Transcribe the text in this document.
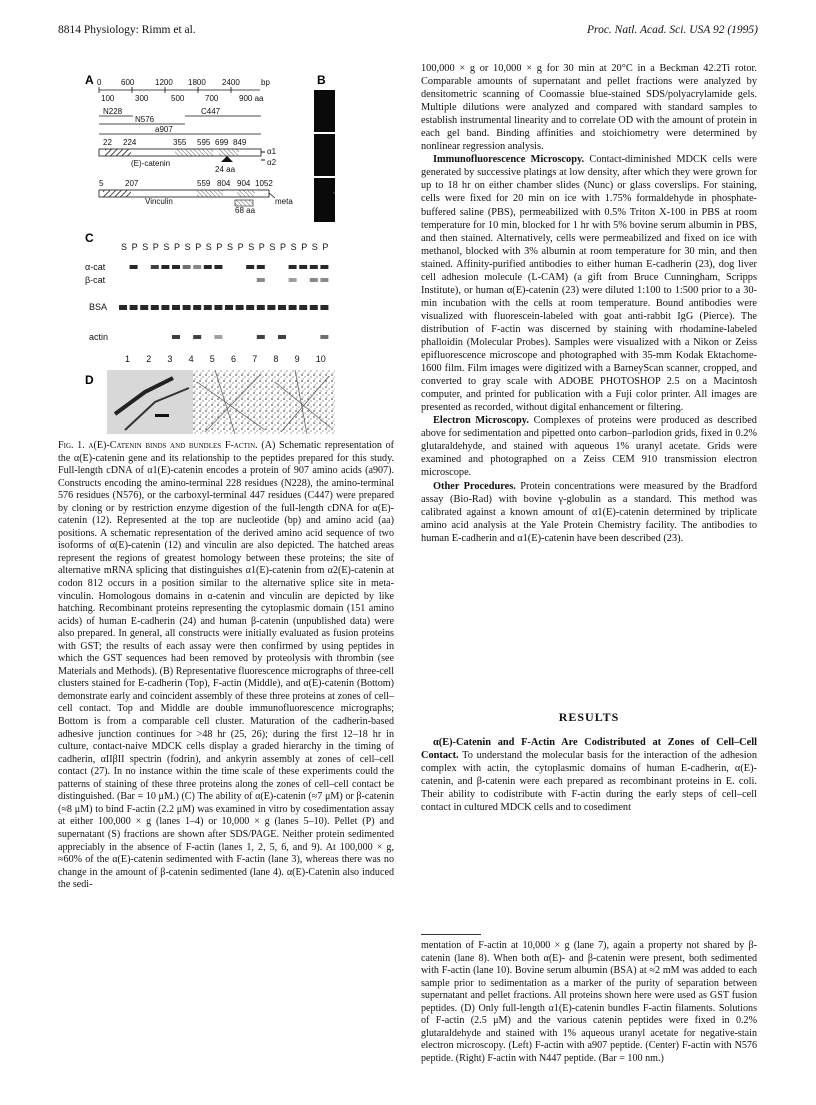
8814 Physiology: Rimm et al.	Proc. Natl. Acad. Sci. USA 92 (1995)
A 0 600	1200 1800 2400	bp
100	300	500	700	900 aa
N228	C447
N576
a907
22 224	355 595 699 849
(E)-catenin
24 aa
α1
α2
5	207	559 804 904 1052
Vinculin
68 aa
meta
B
C
S P S P S P S P S P S P S P S P S P S P
α-cat
β-cat
BSA
actin
1 2 3 4 5 6 7 8 9 10
D
Fig. 1. α(E)-Catenin binds and bundles F-actin. (A) Schematic representation of the α(E)-catenin gene and its relationship to the peptides prepared for this study. Full-length cDNA of α1(E)-catenin encodes a protein of 907 amino acids (a907). Constructs encoding the amino-terminal 228 residues (N228), the amino-terminal 576 residues (N576), or the carboxyl-terminal 447 residues (C447) were prepared by cloning or by restriction enzyme digestion of the full-length cDNA for α(E)-catenin (12). Represented at the top are nucleotide (bp) and amino acid (aa) positions. A schematic representation of the derived amino acid sequence of two isoforms of α(E)-catenin (12) and vinculin are also depicted. The hatched areas represent the regions of greatest homology between these proteins; the site of alternative mRNA splicing that distinguishes α1(E)-catenin from α2(E)-catenin at codon 812 occurs in a position similar to the alternative splice site in meta-vinculin. Homologous domains in α-catenin and vinculin are depicted by like hatching. Recombinant proteins representing the cytoplasmic domain (151 amino acids) of human E-cadherin (24) and human β-catenin (unpublished data) were also prepared. In general, all constructs were initially evaluated as fusion proteins with GST; the results of each assay were then confirmed by using peptides in which the GST sequences had been removed by proteolysis with thrombin (see Materials and Methods). (B) Representative fluorescence micrographs of three-cell clusters stained for E-cadherin (Top), F-actin (Middle), and α(E)-catenin (Bottom) demonstrate early and coincident assembly of these three proteins at zones of cell–cell contact. Top and Middle are double immunofluorescence micrographs; Bottom is from a comparable cell cluster. Maturation of the cadherin-based adhesive junction continues for >48 hr (25, 26); during the first 12–18 hr in culture, contact-naive MDCK cells display a graded hierarchy in the timing of cadherin, αIIβII spectrin (fodrin), and ankyrin assembly at zones of cell–cell contact (27). In no instance within the time scale of these experiments could the patterns of staining of these three proteins along the zones of cell–cell contact be distinguished. (Bar = 10 μM.) (C) The ability of α(E)-catenin (≈7 μM) or β-catenin (≈8 μM) to bind F-actin (2.2 μM) was examined in vitro by cosedimentation assay at either 100,000 × g (lanes 1–4) or 10,000 × g (lanes 5–10). Pellet (P) and supernatant (S) fractions are shown after SDS/PAGE. Neither protein sedimented appreciably in the absence of F-actin (lanes 1, 2, 5, 6, and 9). At 100,000 × g, ≈60% of the α(E)-catenin sedimented with F-actin (lane 3), whereas there was no change in the amount of β-catenin sedimented (lane 4). α(E)-Catenin also induced the sedi-

100,000 × g or 10,000 × g for 30 min at 20°C in a Beckman 42.2Ti rotor. Comparable amounts of supernatant and pellet fractions were analyzed by densitometric scanning of Coomassie blue-stained SDS/polyacrylamide gels. Multiple dilutions were analyzed and compared with standard samples to establish instrumental linearity and to correlate OD with the amount of protein in each gel band. Binding affinities and stoichiometry were determined by nonlinear regression analysis.

Immunofluorescence Microscopy. Contact-diminished MDCK cells were generated by successive platings at low density, after which they were grown for up to 18 hr on either chamber slides (Nunc) or glass coverslips. For staining, cells were fixed for 20 min on ice with 1.75% formaldehyde in phosphate-buffered saline (PBS), permeabilized with 0.5% Triton X-100 in PBS at room temperature for 10 min, blocked for 1 hr with 5% bovine serum albumin in PBS, and then stained. Alternatively, cells were permeabilized and fixed on ice with methanol, blocked with 3% albumin at room temperature for 30 min, and then stained. Affinity-purified antibodies to either human E-cadherin (23), dog liver cell adhesion molecule (L-CAM) (a gift from Bruce Cunningham, Scripps Institute), or human α(E)-catenin (23) were diluted 1:100 to 1:500 prior to a 30-min incubation with the cells at room temperature. Bound antibodies were visualized with fluorescein-labeled with goat anti-rabbit IgG (Pierce). The distribution of F-actin was discerned by staining with rhodamine-labeled phalloidin (Molecular Probes). Samples were visualized with a Nikon or Zeiss epifluorescence microscope and photographed with 35-mm Kodak Ektachome-1600 film. Film images were digitized with a BarneyScan scanner, cropped, and converted to gray scale with ADOBE PHOTOSHOP 2.5 on a Macintosh computer, and printed for publication with a Fuji color printer. All images are presented as recorded, without digital enhancement or filtering.

Electron Microscopy. Complexes of proteins were produced as described above for sedimentation and pipetted onto carbon–parlodion grids, fixed in 0.2% glutaraldehyde, and stained with aqueous 1% uranyl acetate. Grids were examined and photographed on a Zeiss CEM 910 transmission electron microscope.

Other Procedures. Protein concentrations were measured by the Bradford assay (Bio-Rad) with bovine γ-globulin as a standard. This method was calibrated against a known amount of α1(E)-catenin determined by triplicate amino acid analysis at the Yale Protein Chemistry facility. The antibodies to human E-cadherin and α1(E)-catenin have been described (23).

RESULTS

α(E)-Catenin and F-Actin Are Codistributed at Zones of Cell–Cell Contact. To understand the molecular basis for the interaction of the adhesion complex with actin, the cytoplasmic domains of human E-cadherin, α(E)-catenin, and β-catenin were each prepared as recombinant proteins in E. coli. Their ability to codistribute with F-actin during the early steps of cell–cell contact in cultured MDCK cells and to cosediment

mentation of F-actin at 10,000 × g (lane 7), again a property not shared by β-catenin (lane 8). When both α(E)- and β-catenin were present, both sedimented with F-actin (lane 10). Bovine serum albumin (BSA) at ≈2 mM was added to each sample prior to sedimentation as a marker of the purity of separation between supernatant and pellet fractions. All proteins shown here were used as GST fusion peptides. (D) Only full-length α1(E)-catenin bundles F-actin filaments. Solutions of F-actin (2.5 μM) and the various catenin peptides were fixed in 0.2% glutaraldehyde and stained with 1% aqueous uranyl acetate for negative-stain electron microscopy. (Left) F-actin with a907 peptide. (Center) F-actin with N576 peptide. (Right) F-actin with N447 peptide. (Bar = 100 nm.)
